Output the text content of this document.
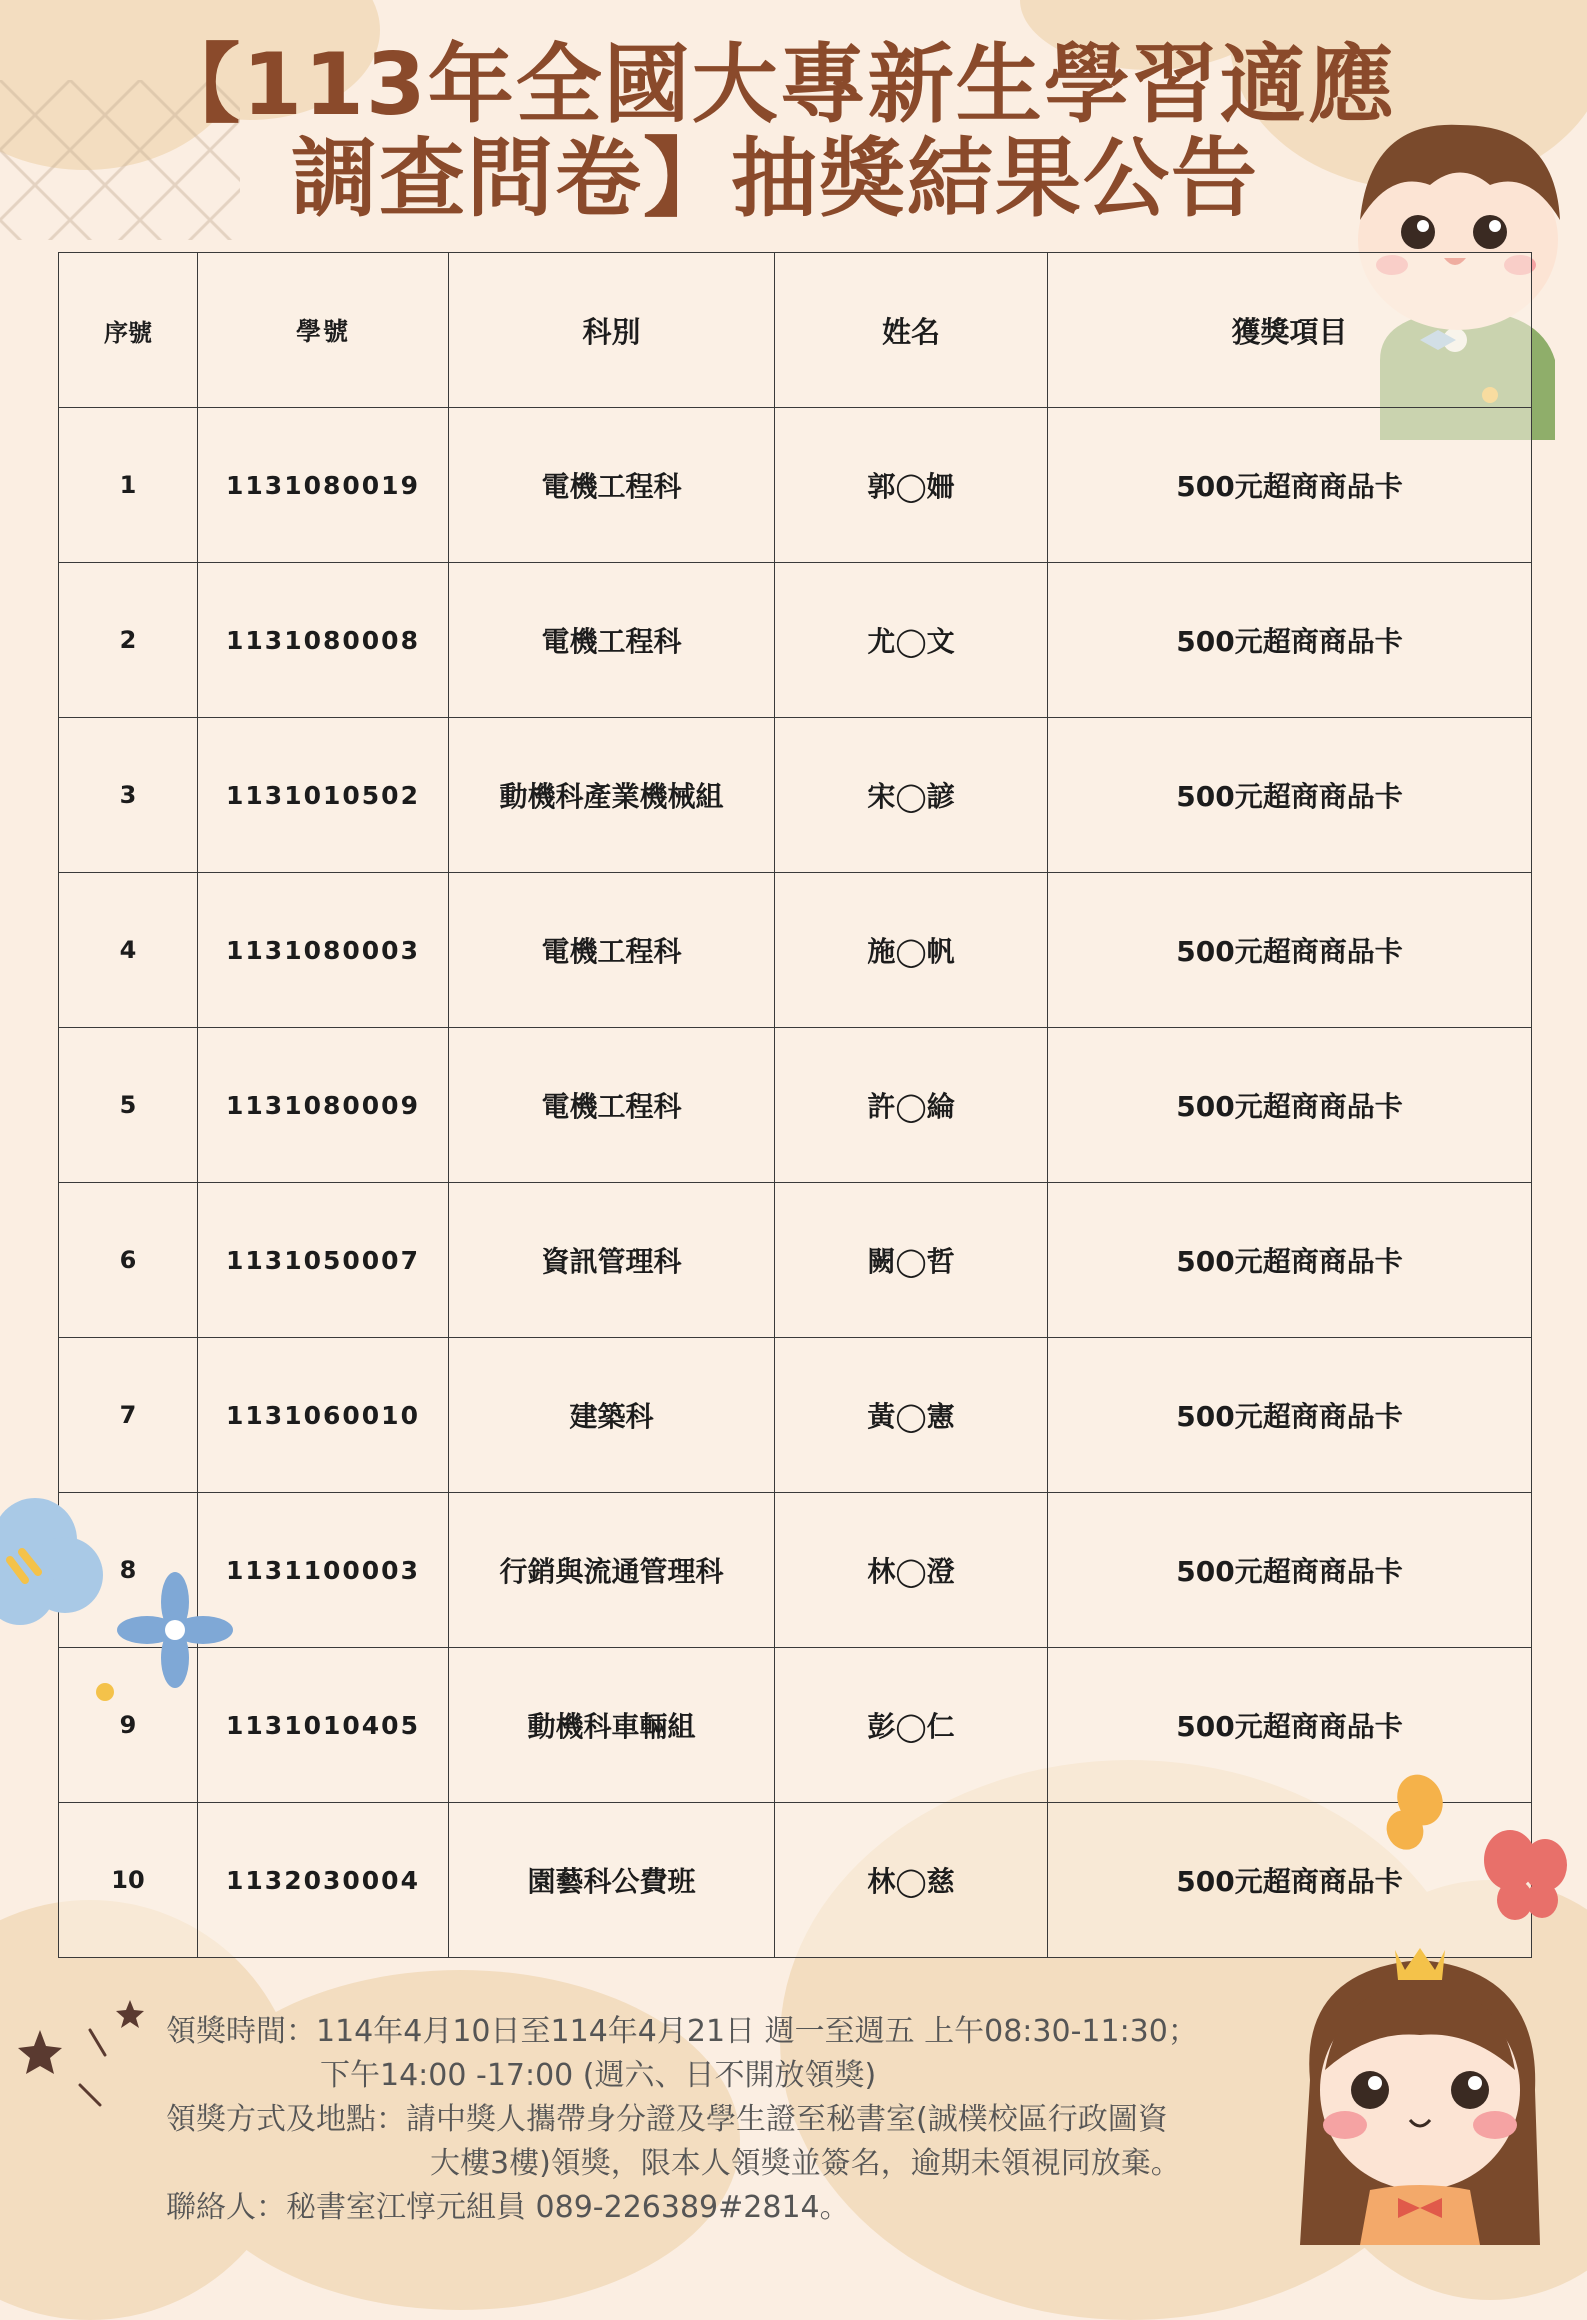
【113年全國大專新生學習適應
調查問卷】抽獎結果公告
序號	學號	科別	姓名	獲獎項目
1	1131080019	電機工程科	郭◯姍	500元超商商品卡
2	1131080008	電機工程科	尤◯文	500元超商商品卡
3	1131010502	動機科產業機械組	宋◯諺	500元超商商品卡
4	1131080003	電機工程科	施◯帆	500元超商商品卡
5	1131080009	電機工程科	許◯綸	500元超商商品卡
6	1131050007	資訊管理科	闕◯哲	500元超商商品卡
7	1131060010	建築科	黃◯憲	500元超商商品卡
8	1131100003	行銷與流通管理科	林◯澄	500元超商商品卡
9	1131010405	動機科車輛組	彭◯仁	500元超商商品卡
10	1132030004	園藝科公費班	林◯慈	500元超商商品卡
領獎時間：114年4月10日至114年4月21日 週一至週五 上午08:30-11:30；
下午14:00 -17:00 (週六、日不開放領獎)
領獎方式及地點：請中獎人攜帶身分證及學生證至秘書室(誠樸校區行政圖資
大樓3樓)領獎，限本人領獎並簽名，逾期未領視同放棄。
聯絡人：秘書室江惇元組員 089-226389#2814。
